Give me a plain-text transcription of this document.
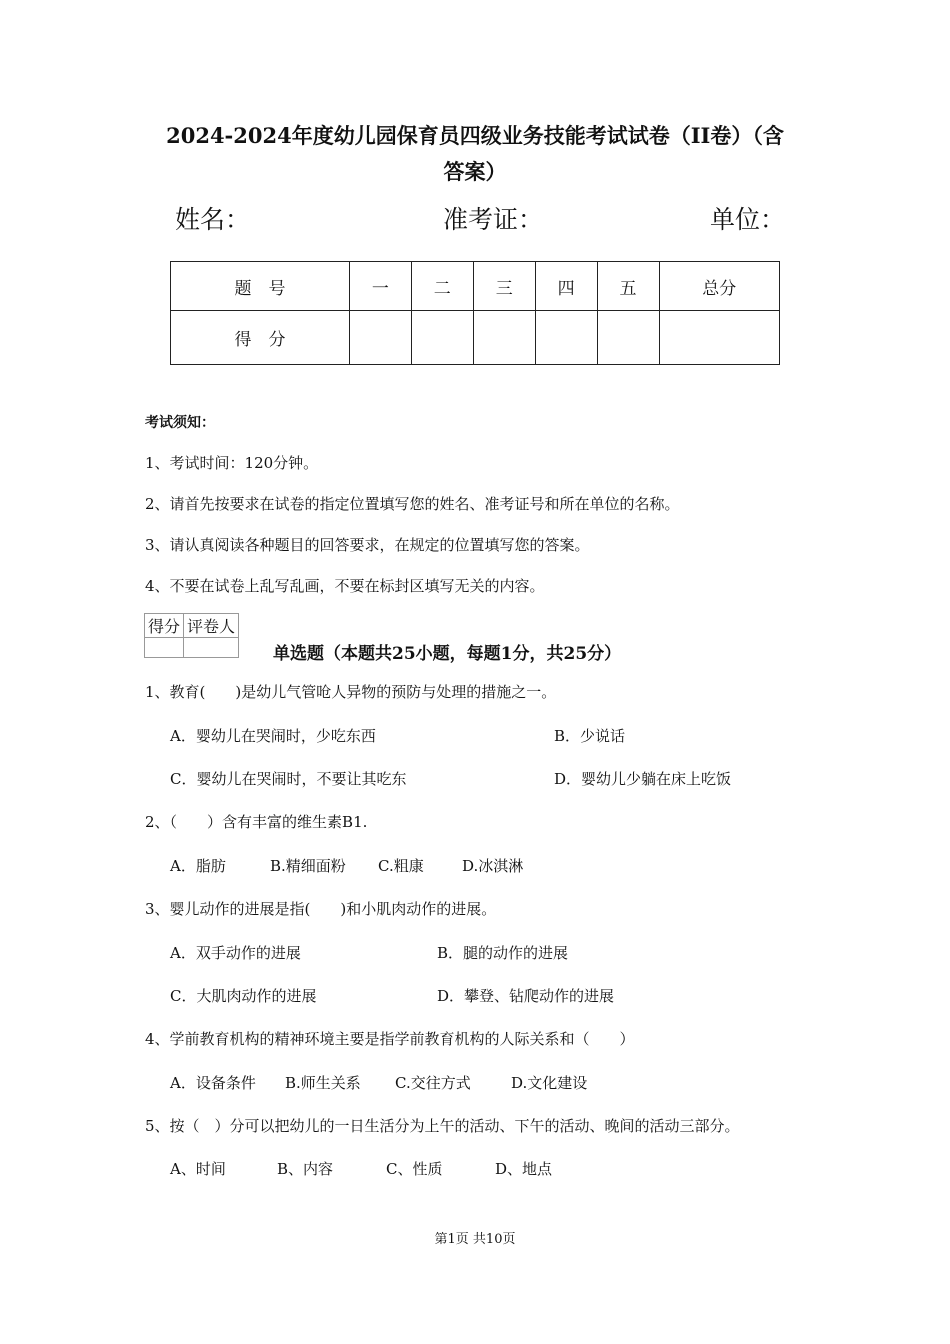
2024-2024年度幼儿园保育员四级业务技能考试试卷（II卷）（含
答案）
姓名：	准考证：	单位：
题　号	一	二	三	四	五	总分
得　分						
考试须知：
1、考试时间：120分钟。
2、请首先按要求在试卷的指定位置填写您的姓名、准考证号和所在单位的名称。
3、请认真阅读各种题目的回答要求，在规定的位置填写您的答案。
4、不要在试卷上乱写乱画，不要在标封区填写无关的内容。
得分	评卷人

单选题（本题共25小题，每题1分，共25分）
1、教育(　　)是幼儿气管呛人异物的预防与处理的措施之一。
A．婴幼儿在哭闹时，少吃东西	B．少说话
C．婴幼儿在哭闹时，不要让其吃东	D．婴幼儿少躺在床上吃饭
2、（　　）含有丰富的维生素B1.
A．脂肪	B.精细面粉 C.粗康	D.冰淇淋
3、婴儿动作的进展是指(　　)和小肌肉动作的进展。
A．双手动作的进展	B．腿的动作的进展
C．大肌肉动作的进展	D．攀登、钻爬动作的进展
4、学前教育机构的精神环境主要是指学前教育机构的人际关系和（　　）
A．设备条件 B.师生关系 C.交往方式	D.文化建设
5、按（　）分可以把幼儿的一日生活分为上午的活动、下午的活动、晚间的活动三部分。
A、时间	B、内容	C、性质	D、地点
第1页 共10页
